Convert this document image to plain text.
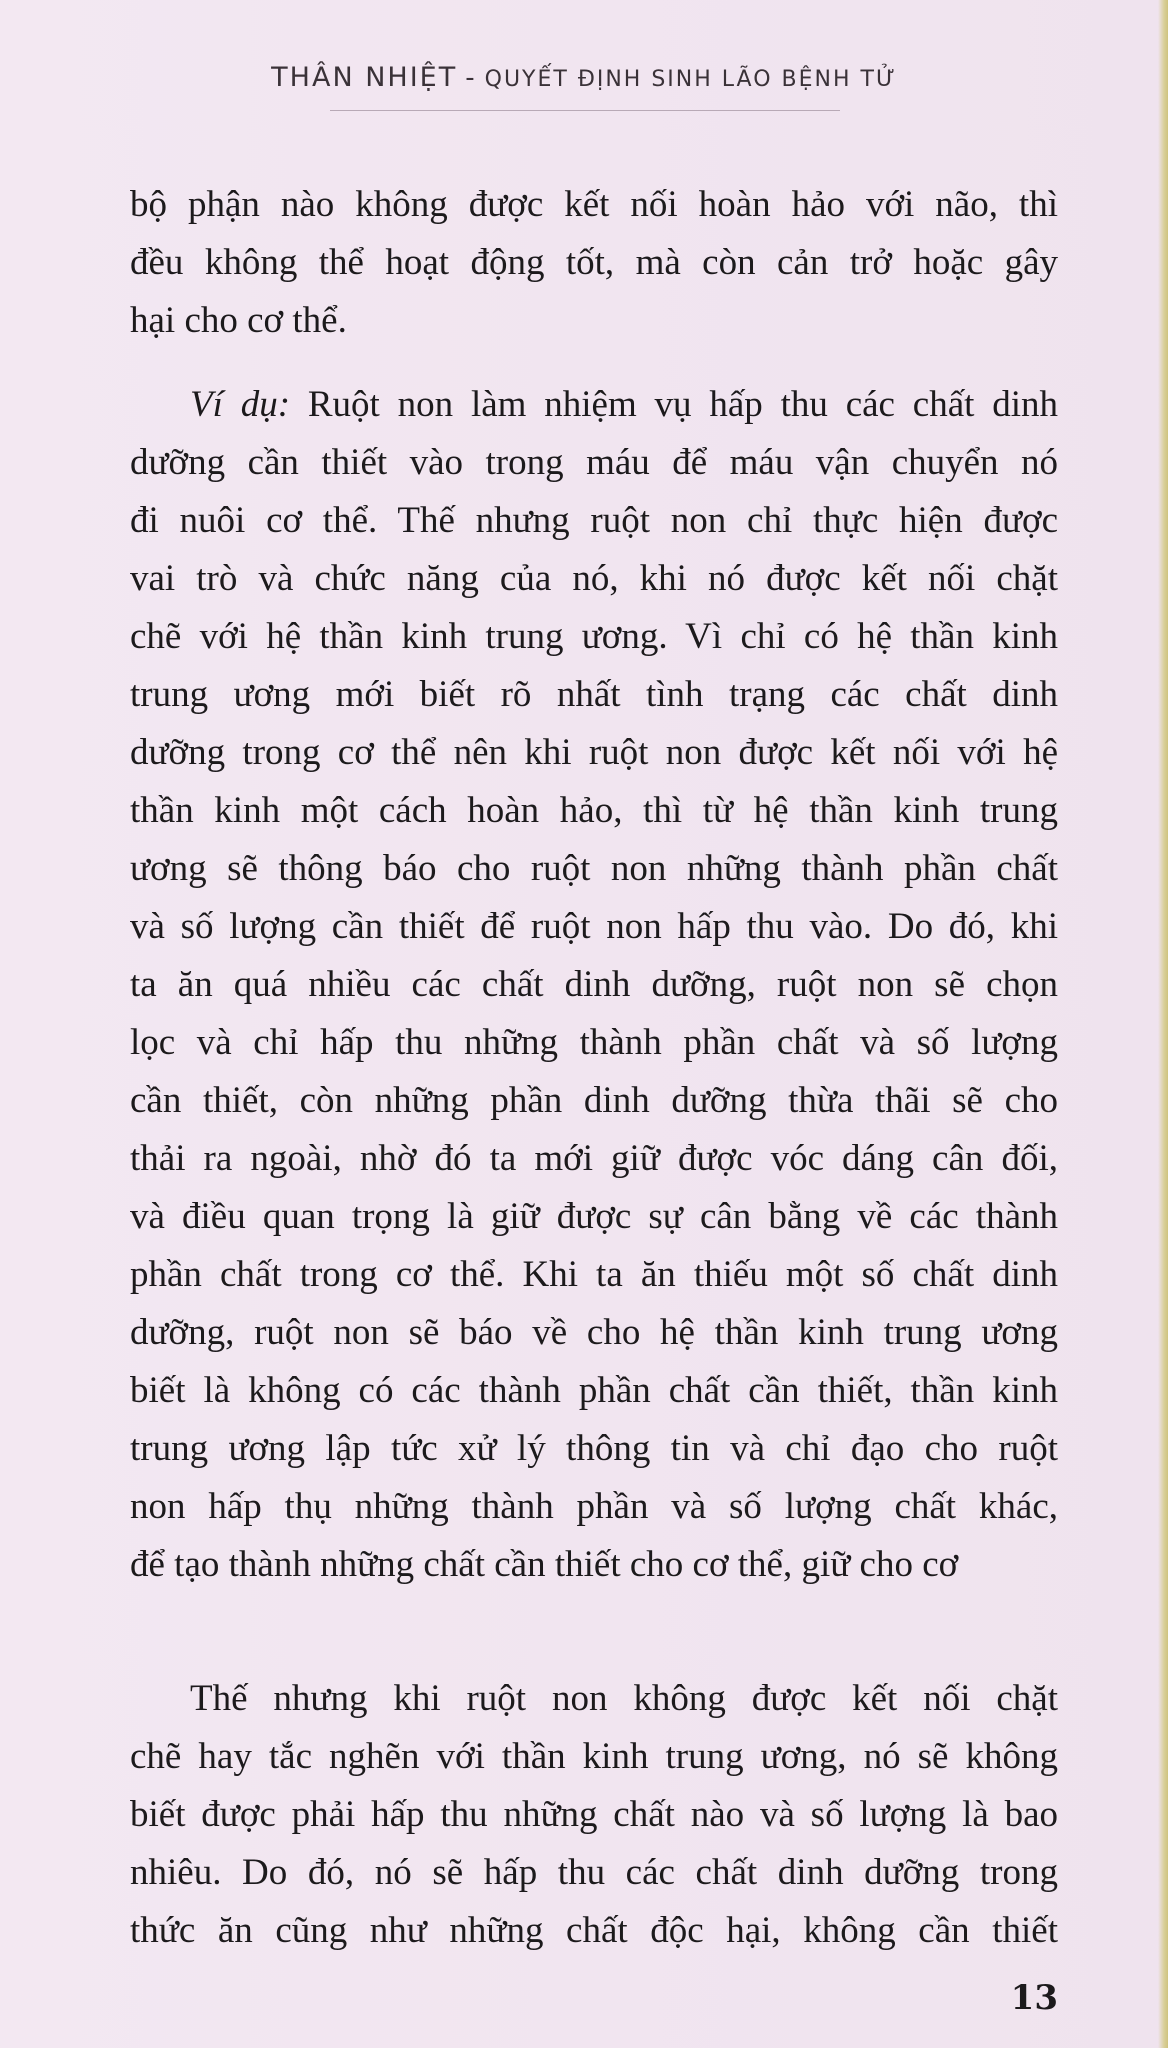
THÂN NHIỆT - QUYẾT ĐỊNH SINH LÃO BỆNH TỬ
bộ phận nào không được kết nối hoàn hảo với não, thì
đều không thể hoạt động tốt, mà còn cản trở hoặc gây
hại cho cơ thể.
Ví dụ: Ruột non làm nhiệm vụ hấp thu các chất dinh
dưỡng cần thiết vào trong máu để máu vận chuyển nó
đi nuôi cơ thể. Thế nhưng ruột non chỉ thực hiện được
vai trò và chức năng của nó, khi nó được kết nối chặt
chẽ với hệ thần kinh trung ương. Vì chỉ có hệ thần kinh
trung ương mới biết rõ nhất tình trạng các chất dinh
dưỡng trong cơ thể nên khi ruột non được kết nối với hệ
thần kinh một cách hoàn hảo, thì từ hệ thần kinh trung
ương sẽ thông báo cho ruột non những thành phần chất
và số lượng cần thiết để ruột non hấp thu vào. Do đó, khi
ta ăn quá nhiều các chất dinh dưỡng, ruột non sẽ chọn
lọc và chỉ hấp thu những thành phần chất và số lượng
cần thiết, còn những phần dinh dưỡng thừa thãi sẽ cho
thải ra ngoài, nhờ đó ta mới giữ được vóc dáng cân đối,
và điều quan trọng là giữ được sự cân bằng về các thành
phần chất trong cơ thể. Khi ta ăn thiếu một số chất dinh
dưỡng, ruột non sẽ báo về cho hệ thần kinh trung ương
biết là không có các thành phần chất cần thiết, thần kinh
trung ương lập tức xử lý thông tin và chỉ đạo cho ruột
non hấp thụ những thành phần và số lượng chất khác,
để tạo thành những chất cần thiết cho cơ thể, giữ cho cơ
Thế nhưng khi ruột non không được kết nối chặt
chẽ hay tắc nghẽn với thần kinh trung ương, nó sẽ không
biết được phải hấp thu những chất nào và số lượng là bao
nhiêu. Do đó, nó sẽ hấp thu các chất dinh dưỡng trong
thức ăn cũng như những chất độc hại, không cần thiết
13
